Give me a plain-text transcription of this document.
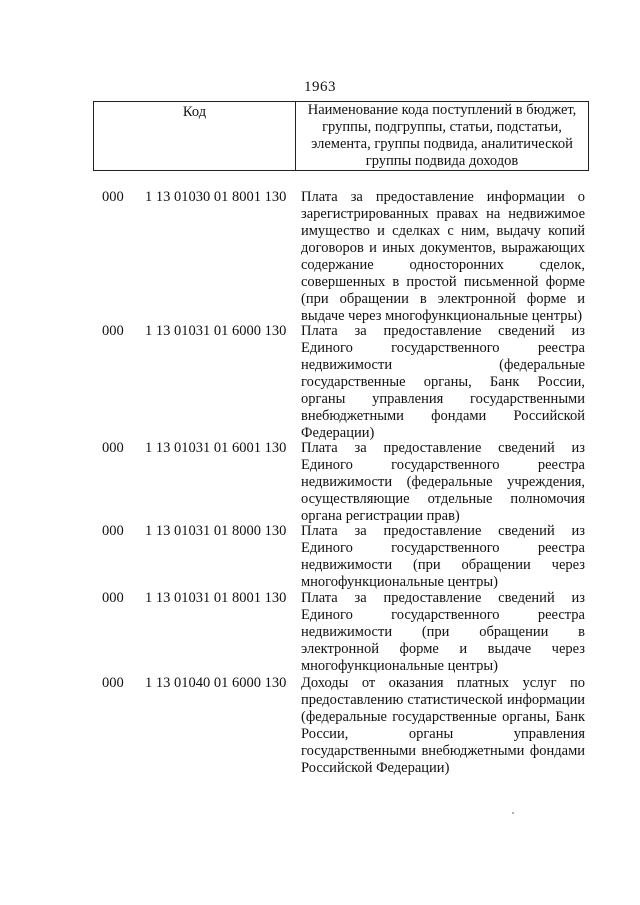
1963
Код	Наименование кода поступлений в бюджет,
группы, подгруппы, статьи, подстатьи,
элемента, группы подвида, аналитической
группы подвида доходов
000 1 13 01030 01 8001 130 Плата за предоставление информации о
зарегистрированных правах на недвижимое
имущество и сделках с ним, выдачу копий
договоров и иных документов, выражающих
содержание односторонних сделок,
совершенных в простой письменной форме
(при обращении в электронной форме и
выдаче через многофункциональные центры)
000 1 13 01031 01 6000 130 Плата за предоставление сведений из
Единого государственного реестра
недвижимости (федеральные
государственные органы, Банк России,
органы управления государственными
внебюджетными фондами Российской
Федерации)
000 1 13 01031 01 6001 130 Плата за предоставление сведений из
Единого государственного реестра
недвижимости (федеральные учреждения,
осуществляющие отдельные полномочия
органа регистрации прав)
000 1 13 01031 01 8000 130 Плата за предоставление сведений из
Единого государственного реестра
недвижимости (при обращении через
многофункциональные центры)
000 1 13 01031 01 8001 130 Плата за предоставление сведений из
Единого государственного реестра
недвижимости (при обращении в
электронной форме и выдаче через
многофункциональные центры)
000 1 13 01040 01 6000 130 Доходы от оказания платных услуг по
предоставлению статистической информации
(федеральные государственные органы, Банк
России, органы управления
государственными внебюджетными фондами
Российской Федерации)
